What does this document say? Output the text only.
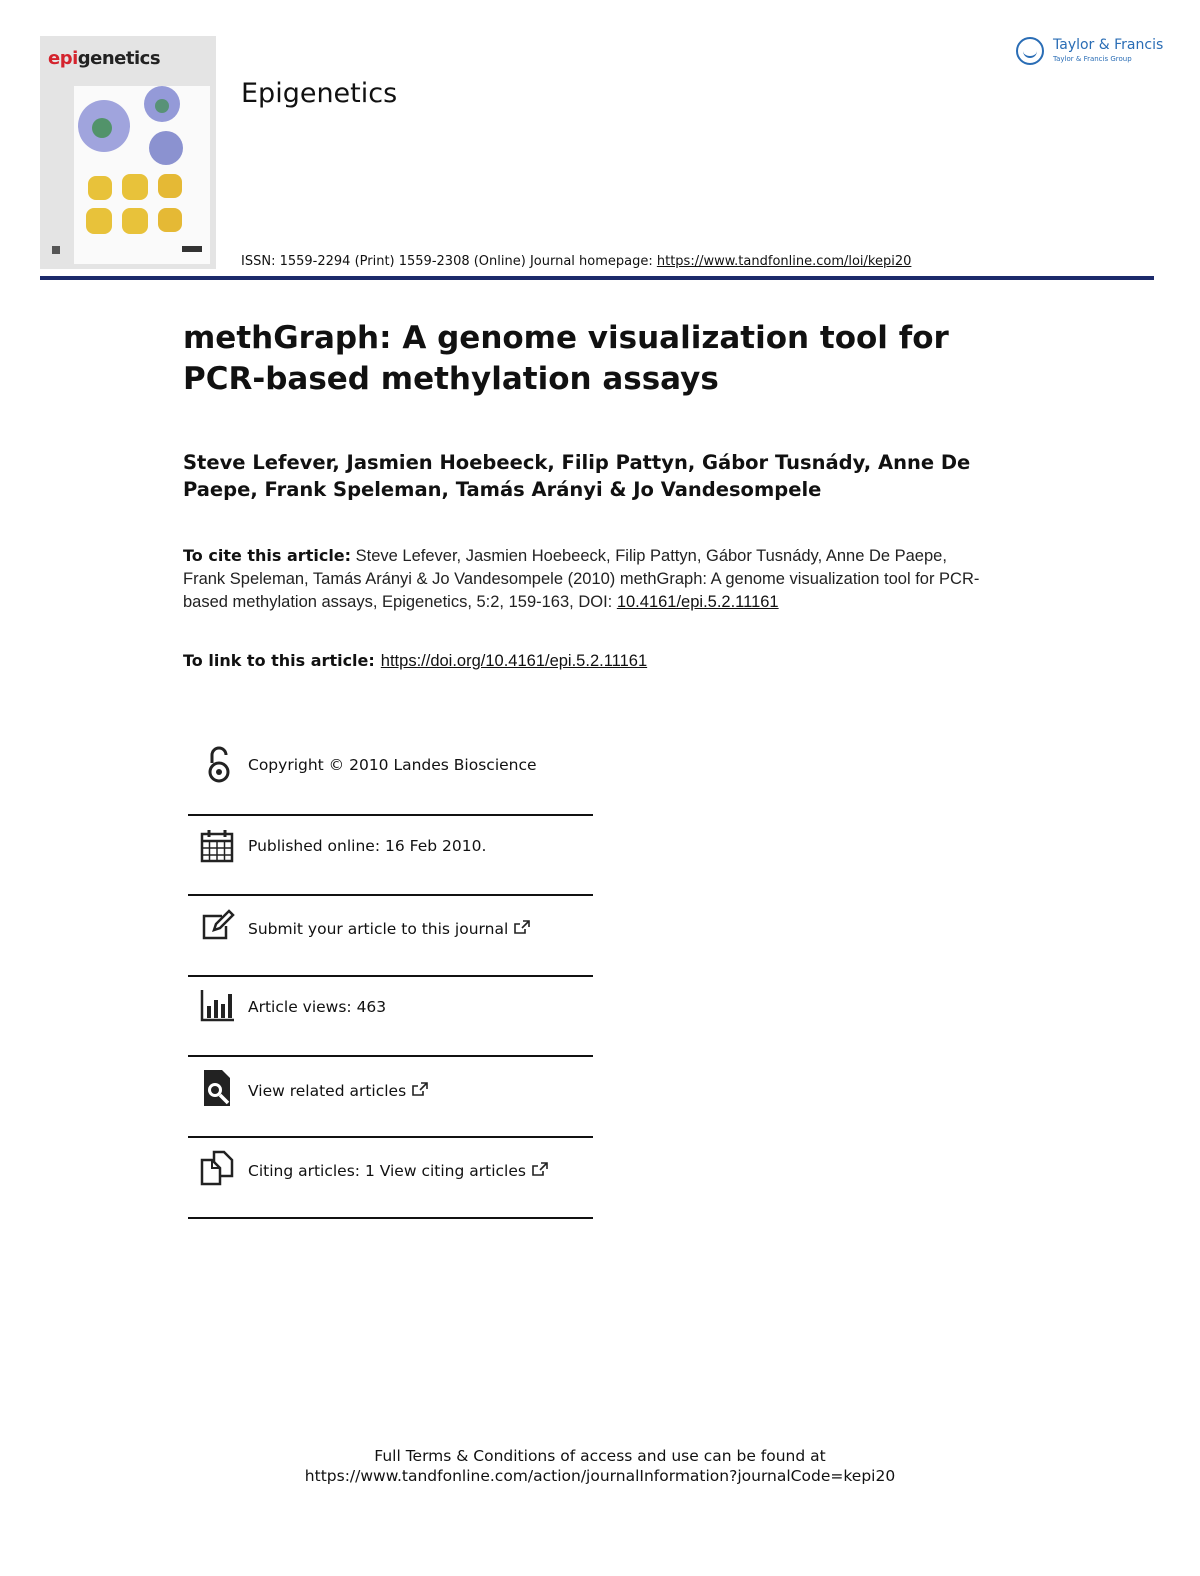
epigenetics
Epigenetics
Taylor & Francis
Taylor & Francis Group
ISSN: 1559-2294 (Print) 1559-2308 (Online) Journal homepage: https://www.tandfonline.com/loi/kepi20
methGraph: A genome visualization tool for PCR-based methylation assays
Steve Lefever, Jasmien Hoebeeck, Filip Pattyn, Gábor Tusnády, Anne De Paepe, Frank Speleman, Tamás Arányi & Jo Vandesompele
To cite this article: Steve Lefever, Jasmien Hoebeeck, Filip Pattyn, Gábor Tusnády, Anne De Paepe, Frank Speleman, Tamás Arányi & Jo Vandesompele (2010) methGraph: A genome visualization tool for PCR-based methylation assays, Epigenetics, 5:2, 159-163, DOI: 10.4161/epi.5.2.11161
To link to this article: https://doi.org/10.4161/epi.5.2.11161
Copyright © 2010 Landes Bioscience
Published online: 16 Feb 2010.
Submit your article to this journal
Article views: 463
View related articles
Citing articles: 1 View citing articles
Full Terms & Conditions of access and use can be found at
https://www.tandfonline.com/action/journalInformation?journalCode=kepi20
